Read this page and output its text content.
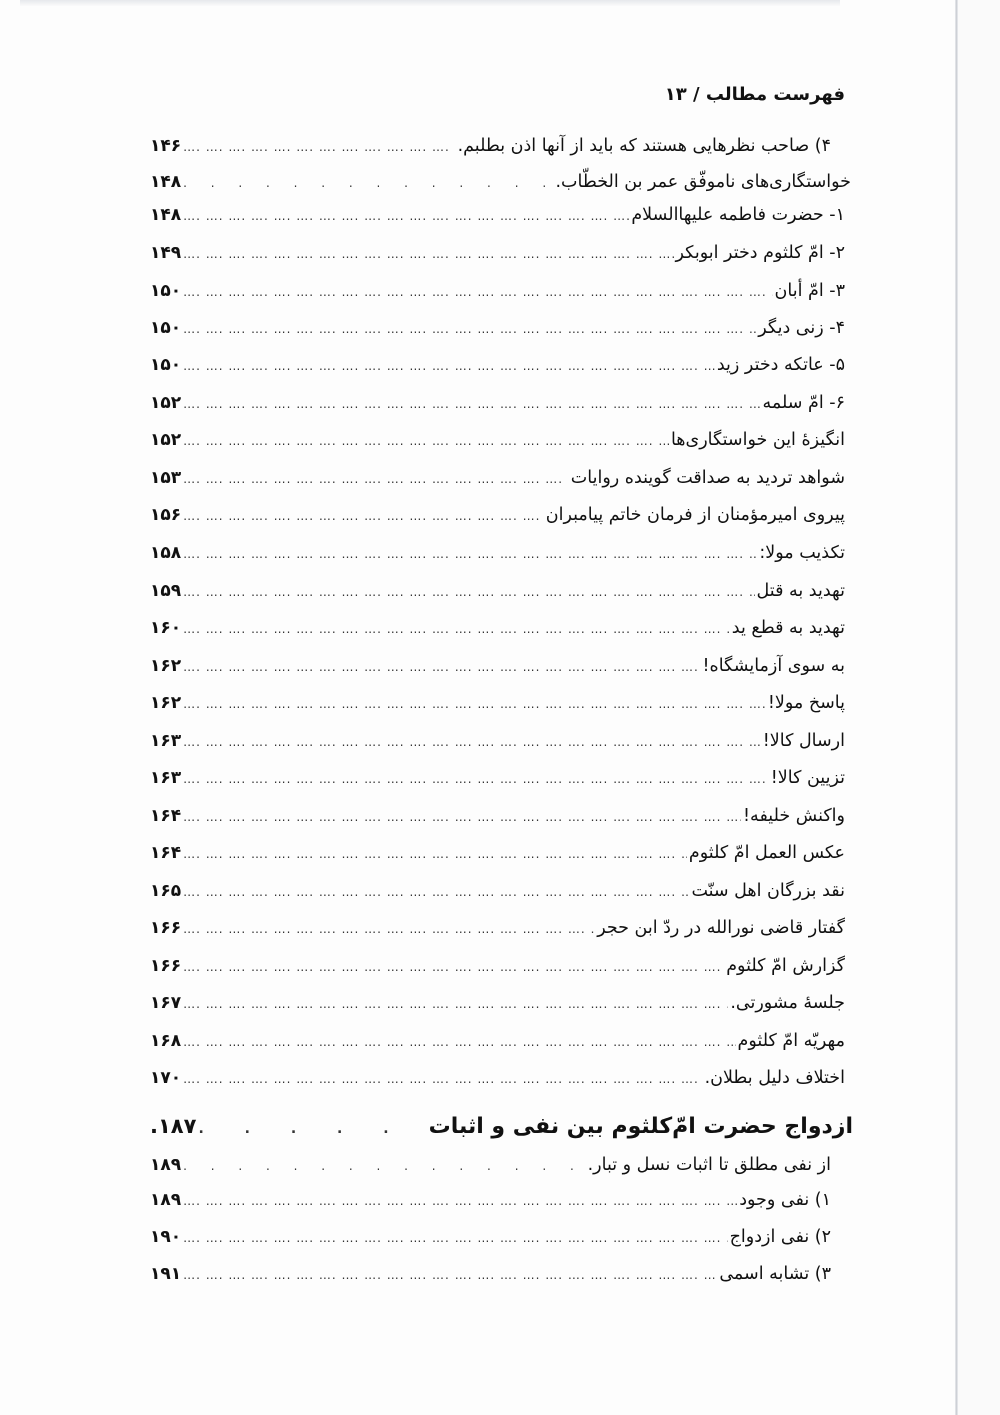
فهرست مطالب / ۱۳
۴) صاحب نظرهایی هستند که باید از آنها اذن بطلبم.
…. …. …. …. …. …. …. …. …. …. …. …. …. …. …. …. …. …. …. …. …. …. …. …. …. …. …. …. …. …. …. …. …. …. …. …. …. …. …. ….
۱۴۶
خواستگاری‌های ناموفّق عمر بن الخطّاب.
. . .
۱۴۸
۱- حضرت فاطمه علیهاالسلام
…. …. …. …. …. …. …. …. …. …. …. …. …. …. …. …. …. …. …. …. …. …. …. …. …. …. …. …. …. …. …. …. …. …. …. …. …. …. …. ….
۱۴۸
۲- امّ کلثوم دختر ابوبکر
…. …. …. …. …. …. …. …. …. …. …. …. …. …. …. …. …. …. …. …. …. …. …. …. …. …. …. …. …. …. …. …. …. …. …. …. …. …. …. ….
۱۴۹
۳- امّ أبان
…. …. …. …. …. …. …. …. …. …. …. …. …. …. …. …. …. …. …. …. …. …. …. …. …. …. …. …. …. …. …. …. …. …. …. …. …. …. …. ….
۱۵۰
۴- زنی دیگر
…. …. …. …. …. …. …. …. …. …. …. …. …. …. …. …. …. …. …. …. …. …. …. …. …. …. …. …. …. …. …. …. …. …. …. …. …. …. …. ….
۱۵۰
۵- عاتکه دختر زید
…. …. …. …. …. …. …. …. …. …. …. …. …. …. …. …. …. …. …. …. …. …. …. …. …. …. …. …. …. …. …. …. …. …. …. …. …. …. …. ….
۱۵۰
۶- امّ سلمه
…. …. …. …. …. …. …. …. …. …. …. …. …. …. …. …. …. …. …. …. …. …. …. …. …. …. …. …. …. …. …. …. …. …. …. …. …. …. …. ….
۱۵۲
انگیزۀ این خواستگاری‌ها
…. …. …. …. …. …. …. …. …. …. …. …. …. …. …. …. …. …. …. …. …. …. …. …. …. …. …. …. …. …. …. …. …. …. …. …. …. …. …. ….
۱۵۲
شواهد تردید به صداقت گوینده روایات
…. …. …. …. …. …. …. …. …. …. …. …. …. …. …. …. …. …. …. …. …. …. …. …. …. …. …. …. …. …. …. …. …. …. …. …. …. …. …. ….
۱۵۳
پیروی امیرمؤمنان از فرمان خاتم پیامبران
…. …. …. …. …. …. …. …. …. …. …. …. …. …. …. …. …. …. …. …. …. …. …. …. …. …. …. …. …. …. …. …. …. …. …. …. …. …. …. ….
۱۵۶
تکذیب مولا:
…. …. …. …. …. …. …. …. …. …. …. …. …. …. …. …. …. …. …. …. …. …. …. …. …. …. …. …. …. …. …. …. …. …. …. …. …. …. …. ….
۱۵۸
تهدید به قتل
…. …. …. …. …. …. …. …. …. …. …. …. …. …. …. …. …. …. …. …. …. …. …. …. …. …. …. …. …. …. …. …. …. …. …. …. …. …. …. ….
۱۵۹
تهدید به قطع ید
…. …. …. …. …. …. …. …. …. …. …. …. …. …. …. …. …. …. …. …. …. …. …. …. …. …. …. …. …. …. …. …. …. …. …. …. …. …. …. ….
۱۶۰
به سوی آزمایشگاه!
…. …. …. …. …. …. …. …. …. …. …. …. …. …. …. …. …. …. …. …. …. …. …. …. …. …. …. …. …. …. …. …. …. …. …. …. …. …. …. ….
۱۶۲
پاسخ مولا!
…. …. …. …. …. …. …. …. …. …. …. …. …. …. …. …. …. …. …. …. …. …. …. …. …. …. …. …. …. …. …. …. …. …. …. …. …. …. …. ….
۱۶۲
ارسال کالا!
…. …. …. …. …. …. …. …. …. …. …. …. …. …. …. …. …. …. …. …. …. …. …. …. …. …. …. …. …. …. …. …. …. …. …. …. …. …. …. ….
۱۶۳
تزیین کالا!
…. …. …. …. …. …. …. …. …. …. …. …. …. …. …. …. …. …. …. …. …. …. …. …. …. …. …. …. …. …. …. …. …. …. …. …. …. …. …. ….
۱۶۳
واکنش خلیفه!
…. …. …. …. …. …. …. …. …. …. …. …. …. …. …. …. …. …. …. …. …. …. …. …. …. …. …. …. …. …. …. …. …. …. …. …. …. …. …. ….
۱۶۴
عکس العمل امّ کلثوم
…. …. …. …. …. …. …. …. …. …. …. …. …. …. …. …. …. …. …. …. …. …. …. …. …. …. …. …. …. …. …. …. …. …. …. …. …. …. …. ….
۱۶۴
نقد بزرگان اهل سنّت
…. …. …. …. …. …. …. …. …. …. …. …. …. …. …. …. …. …. …. …. …. …. …. …. …. …. …. …. …. …. …. …. …. …. …. …. …. …. …. ….
۱۶۵
گفتار قاضی نورالله در ردّ ابن حجر
…. …. …. …. …. …. …. …. …. …. …. …. …. …. …. …. …. …. …. …. …. …. …. …. …. …. …. …. …. …. …. …. …. …. …. …. …. …. …. ….
۱۶۶
گزارش امّ کلثوم
…. …. …. …. …. …. …. …. …. …. …. …. …. …. …. …. …. …. …. …. …. …. …. …. …. …. …. …. …. …. …. …. …. …. …. …. …. …. …. ….
۱۶۶
جلسۀ مشورتی.
…. …. …. …. …. …. …. …. …. …. …. …. …. …. …. …. …. …. …. …. …. …. …. …. …. …. …. …. …. …. …. …. …. …. …. …. …. …. …. ….
۱۶۷
مهریّه امّ کلثوم
…. …. …. …. …. …. …. …. …. …. …. …. …. …. …. …. …. …. …. …. …. …. …. …. …. …. …. …. …. …. …. …. …. …. …. …. …. …. …. ….
۱۶۸
اختلاف دلیل بطلان.
…. …. …. …. …. …. …. …. …. …. …. …. …. …. …. …. …. …. …. …. …. …. …. …. …. …. …. …. …. …. …. …. …. …. …. …. …. …. …. ….
۱۷۰
ازدواج حضرت امّ‌کلثوم بین نفی و اثبات
. . .
۱۸۷.
از نفی مطلق تا اثبات نسل و تبار.
. . .
۱۸۹
۱) نفی وجود
…. …. …. …. …. …. …. …. …. …. …. …. …. …. …. …. …. …. …. …. …. …. …. …. …. …. …. …. …. …. …. …. …. …. …. …. …. …. …. ….
۱۸۹
۲) نفی ازدواج
…. …. …. …. …. …. …. …. …. …. …. …. …. …. …. …. …. …. …. …. …. …. …. …. …. …. …. …. …. …. …. …. …. …. …. …. …. …. …. ….
۱۹۰
۳) تشابه اسمی
…. …. …. …. …. …. …. …. …. …. …. …. …. …. …. …. …. …. …. …. …. …. …. …. …. …. …. …. …. …. …. …. …. …. …. …. …. …. …. ….
۱۹۱
